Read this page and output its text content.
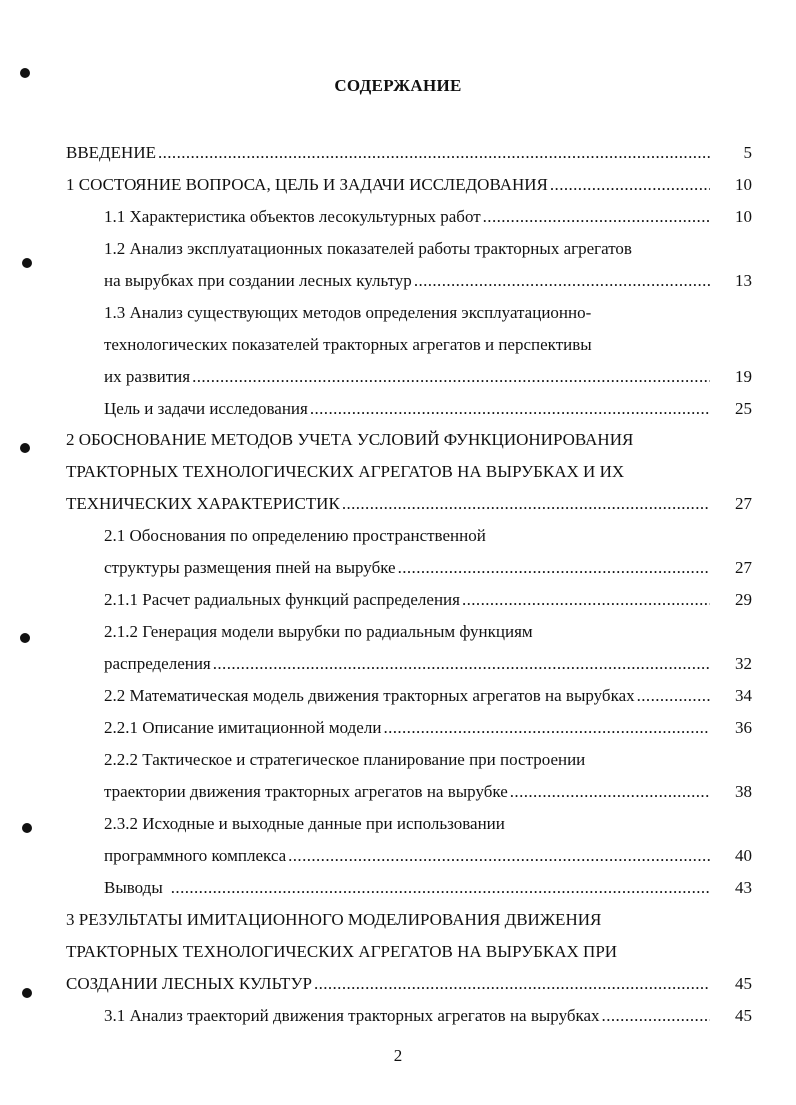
СОДЕРЖАНИЕ
ВВЕДЕНИЕ .....	5
1 СОСТОЯНИЕ ВОПРОСА, ЦЕЛЬ И ЗАДАЧИ ИССЛЕДОВАНИЯ .....	10
1.1 Характеристика объектов лесокультурных работ .....	10
1.2 Анализ эксплуатационных показателей работы тракторных агрегатов
на вырубках при создании лесных культур .....	13
1.3 Анализ существующих методов определения эксплуатационно-
технологических показателей тракторных агрегатов и перспективы
их развития .....	19
Цель и задачи исследования .....	25
2 ОБОСНОВАНИЕ МЕТОДОВ УЧЕТА УСЛОВИЙ ФУНКЦИОНИРОВАНИЯ
ТРАКТОРНЫХ ТЕХНОЛОГИЧЕСКИХ АГРЕГАТОВ НА ВЫРУБКАХ И ИХ
ТЕХНИЧЕСКИХ ХАРАКТЕРИСТИК .....	27
2.1 Обоснования по определению пространственной
структуры размещения пней на вырубке .....	27
2.1.1 Расчет радиальных функций распределения .....	29
2.1.2 Генерация модели вырубки по радиальным функциям
распределения .....	32
2.2 Математическая модель движения тракторных агрегатов на вырубках .....	34
2.2.1 Описание имитационной модели .....	36
2.2.2 Тактическое и стратегическое планирование при построении
траектории движения тракторных агрегатов на вырубке .....	38
2.3.2 Исходные и выходные данные при использовании
программного комплекса .....	40
Выводы .....	43
3 РЕЗУЛЬТАТЫ ИМИТАЦИОННОГО МОДЕЛИРОВАНИЯ ДВИЖЕНИЯ
ТРАКТОРНЫХ ТЕХНОЛОГИЧЕСКИХ АГРЕГАТОВ НА ВЫРУБКАХ ПРИ
СОЗДАНИИ ЛЕСНЫХ КУЛЬТУР .....	45
3.1 Анализ траекторий движения тракторных агрегатов на вырубках .....	45
2
